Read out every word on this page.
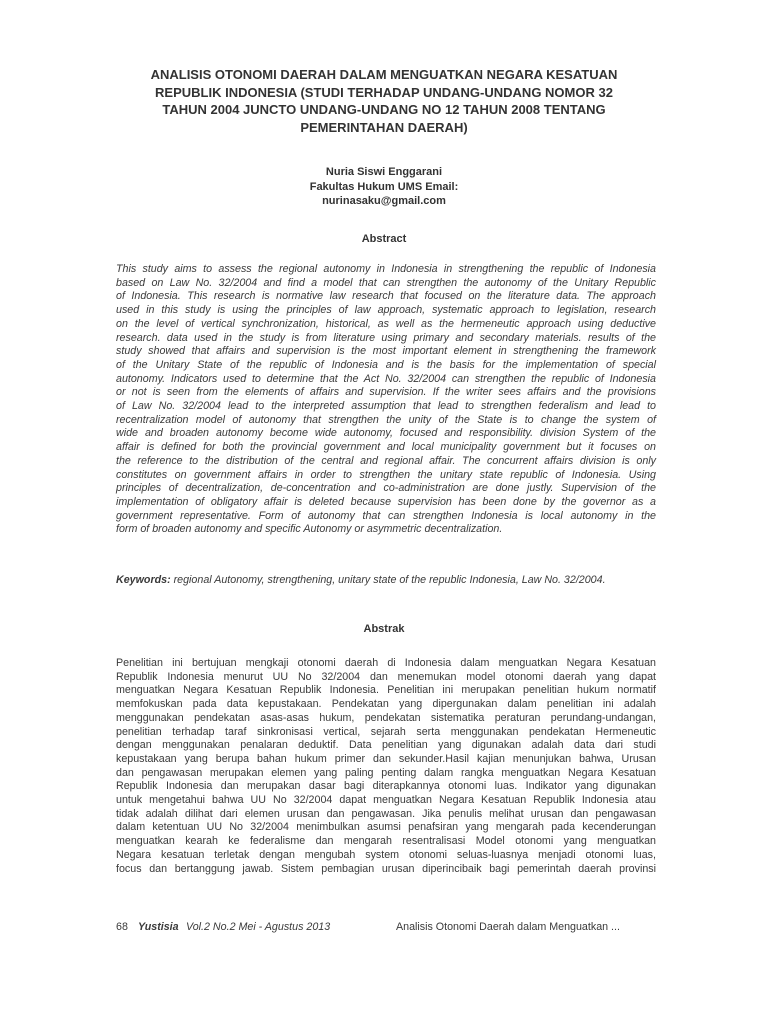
ANALISIS OTONOMI DAERAH DALAM MENGUATKAN NEGARA KESATUAN
REPUBLIK INDONESIA (STUDI TERHADAP UNDANG-UNDANG NOMOR 32
TAHUN 2004 JUNCTO UNDANG-UNDANG NO 12 TAHUN 2008 TENTANG
PEMERINTAHAN DAERAH)
Nuria Siswi Enggarani
Fakultas Hukum UMS Email:
nurinasaku@gmail.com
Abstract

This study aims to assess the regional autonomy in Indonesia in strengthening the republic of Indonesia
based on Law No. 32/2004 and find a model that can strengthen the autonomy of the Unitary Republic
of Indonesia. This research is normative law research that focused on the literature data. The approach
used in this study is using the principles of law approach, systematic approach to legislation, research
on the level of vertical synchronization, historical, as well as the hermeneutic approach using deductive
research. data used in the study is from literature using primary and secondary materials. results of the
study showed that affairs and supervision is the most important element in strengthening the framework
of the Unitary State of the republic of Indonesia and is the basis for the implementation of special
autonomy. Indicators used to determine that the Act No. 32/2004 can strengthen the republic of Indonesia
or not is seen from the elements of affairs and supervision. If the writer sees affairs and the provisions
of Law No. 32/2004 lead to the interpreted assumption that lead to strengthen federalism and lead to
recentralization model of autonomy that strengthen the unity of the State is to change the system of
wide and broaden autonomy become wide autonomy, focused and responsibility. division System of the
affair is defined for both the provincial government and local municipality government but it focuses on
the reference to the distribution of the central and regional affair. The concurrent affairs division is only
constitutes on government affairs in order to strengthen the unitary state republic of Indonesia. Using
principles of decentralization, de-concentration and co-administration are done justly. Supervision of the
implementation of obligatory affair is deleted because supervision has been done by the governor as a
government representative. Form of autonomy that can strengthen Indonesia is local autonomy in the
form of broaden autonomy and specific Autonomy or asymmetric decentralization.

Keywords: regional Autonomy, strengthening, unitary state of the republic Indonesia, Law No. 32/2004.

Abstrak

Penelitian ini bertujuan mengkaji otonomi daerah di Indonesia dalam menguatkan Negara Kesatuan
Republik Indonesia menurut UU No 32/2004 dan menemukan model otonomi daerah yang dapat
menguatkan Negara Kesatuan Republik Indonesia. Penelitian ini merupakan penelitian hukum normatif
memfokuskan pada data kepustakaan. Pendekatan yang dipergunakan dalam penelitian ini adalah
menggunakan pendekatan asas-asas hukum, pendekatan sistematika peraturan perundang-undangan,
penelitian terhadap taraf sinkronisasi vertical, sejarah serta menggunakan pendekatan Hermeneutic
dengan menggunakan penalaran deduktif. Data penelitian yang digunakan adalah data dari studi
kepustakaan yang berupa bahan hukum primer dan sekunder.Hasil kajian menunjukan bahwa, Urusan
dan pengawasan merupakan elemen yang paling penting dalam rangka menguatkan Negara Kesatuan
Republik Indonesia dan merupakan dasar bagi diterapkannya otonomi luas. Indikator yang digunakan
untuk mengetahui bahwa UU No 32/2004 dapat menguatkan Negara Kesatuan Republik Indonesia atau
tidak adalah dilihat dari elemen urusan dan pengawasan. Jika penulis melihat urusan dan pengawasan
dalam ketentuan UU No 32/2004 menimbulkan asumsi penafsiran yang mengarah pada kecenderungan
menguatkan kearah ke federalisme dan mengarah resentralisasi Model otonomi yang menguatkan
Negara kesatuan terletak dengan mengubah system otonomi seluas-luasnya menjadi otonomi luas,
focus dan bertanggung jawab. Sistem pembagian urusan diperincibaik bagi pemerintah daerah provinsi

68 Yustisia Vol.2 No.2 Mei - Agustus 2013	Analisis Otonomi Daerah dalam Menguatkan ...
